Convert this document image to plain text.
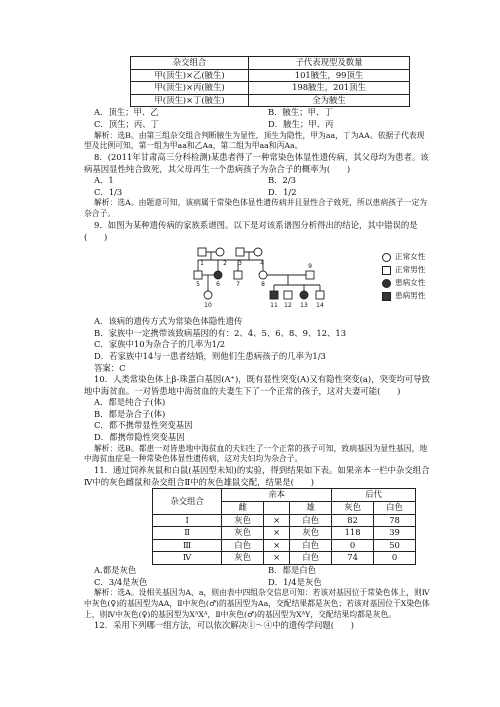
杂交组合	子代表现型及数量
甲(顶生)×乙(腋生)	101腋生，99顶生
甲(顶生)×丙(腋生)	198腋生，201顶生
甲(顶生)×丁(腋生)	全为腋生
A．顶生；甲、乙	B．腋生；甲、丁
C．顶生；丙、丁	D．腋生；甲、丙

解析：选B。由第三组杂交组合判断腋生为显性，顶生为隐性，甲为aa，丁为AA。依据子代表现型及比例可知，第一组为甲aa和乙Aa，第二组为甲aa和丙Aa。

8．(2011年甘肃高三分科检测)某患者得了一种常染色体显性遗传病，其父母均为患者。该病基因显性纯合致死，其父母再生一个患病孩子为杂合子的概率为(　　)

A．1	B．2/3
C．1/3	D．1/2

解析：选A。由题意可知，该病属于常染色体显性遗传病并且显性合子致死，所以患病孩子一定为杂合子。

9．如图为某种遗传病的家族系谱图。以下是对该系谱图分析得出的结论，其中错误的是(　　)

1	2 3	4
5	6	7	8
9
10	11 12 13 14
正常女性
正常男性
患病女性
患病男性

A．该病的遗传方式为常染色体隐性遗传

B．家族中一定携带该致病基因的有：2、4、5、6、8、9、12、13

C．家族中10为杂合子的几率为1/2

D．若家族中14与一患者结婚，则他们生患病孩子的几率为1/3

答案：C

10．人类常染色体上β-珠蛋白基因(A⁺)，既有显性突变(A)又有隐性突变(a)，突变均可导致地中海贫血。一对皆患地中海贫血的夫妻生下了一个正常的孩子，这对夫妻可能(　　)

A．都是纯合子(体)

B．都是杂合子(体)

C．都不携带显性突变基因

D．都携带隐性突变基因

解析：选B。都患一对皆患地中海贫血的夫妇生了一个正常的孩子可知，致病基因为显性基因，地中海贫血症是一种常染色体显性遗传病，这对夫妇均为杂合子。

11．通过饲养灰鼠和白鼠(基因型未知)的实验，得到结果如下表。如果亲本一栏中杂交组合Ⅳ中的灰色雌鼠和杂交组合Ⅱ中的灰色雄鼠交配，结果是(　　)

杂交组合	亲本			后代	
	雌		雄	灰色	白色
Ⅰ	灰色	×	白色	82	78
Ⅱ	灰色	×	灰色	118	39
Ⅲ	白色	×	白色	0	50
Ⅳ	灰色	×	白色	74	0
A.都是灰色	B．都是白色
C．3/4是灰色	D．1/4是灰色

解析：选A。设相关基因为A、a，则由表中四组杂交信息可知：若该对基因位于常染色体上，则Ⅳ中灰色(♀)的基因型为AA，Ⅱ中灰色(♂)的基因型为Aa，交配结果都是灰色；若该对基因位于X染色体上，则Ⅳ中灰色(♀)的基因型为XᴬXᴬ，Ⅱ中灰色(♂)的基因型为XᴬY，交配结果均都是灰色。

12．采用下列哪一组方法，可以依次解决①～④中的遗传学问题(　　)
